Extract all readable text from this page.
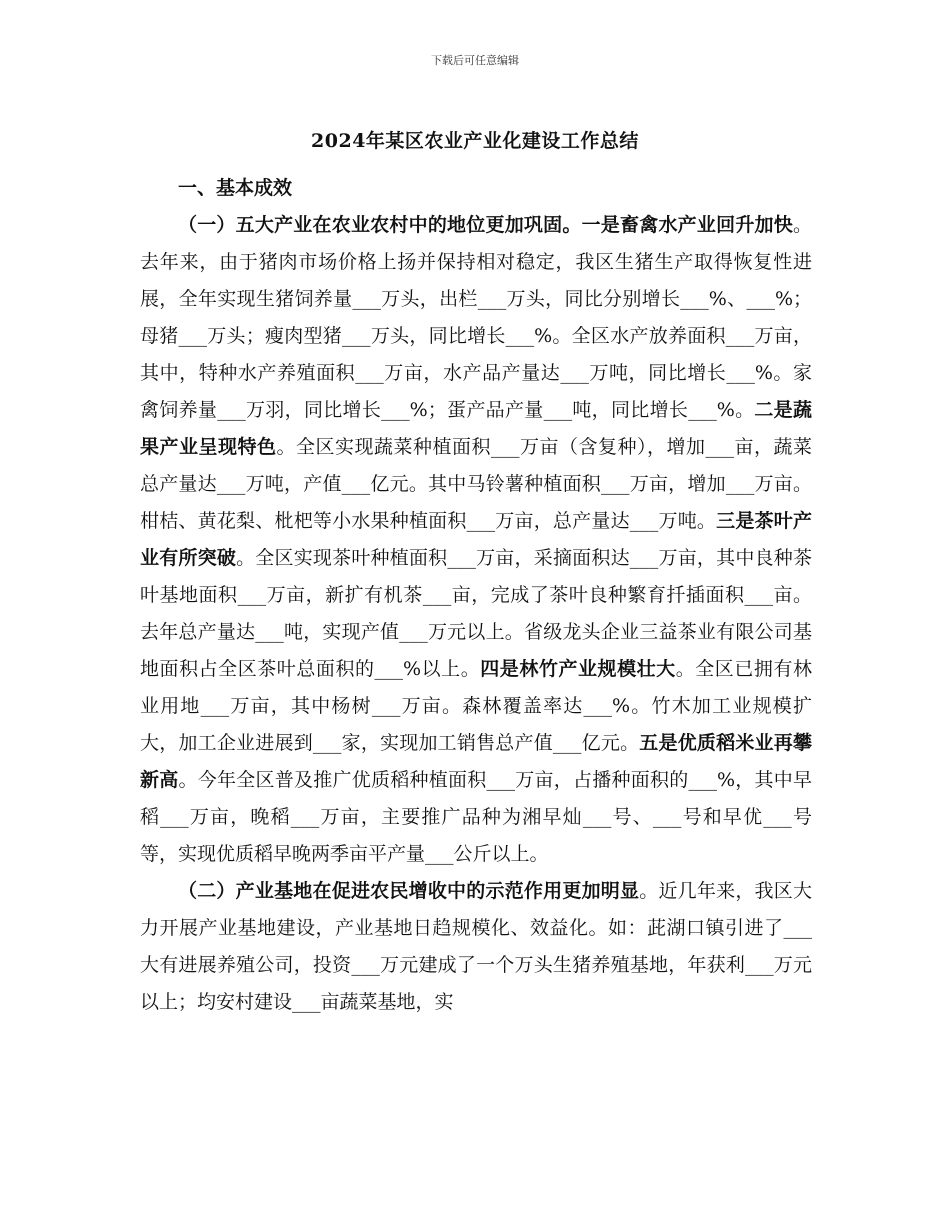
下载后可任意编辑
2024年某区农业产业化建设工作总结

一、基本成效

（一）五大产业在农业农村中的地位更加巩固。一是畜禽水产业回升加快。去年来，由于猪肉市场价格上扬并保持相对稳定，我区生猪生产取得恢复性进展，全年实现生猪饲养量___万头，出栏___万头，同比分别增长___%、___%；母猪___万头；瘦肉型猪___万头，同比增长___%。全区水产放养面积___万亩，其中，特种水产养殖面积___万亩，水产品产量达___万吨，同比增长___%。家禽饲养量___万羽，同比增长___%；蛋产品产量___吨，同比增长___%。二是蔬果产业呈现特色。全区实现蔬菜种植面积___万亩（含复种），增加___亩，蔬菜总产量达___万吨，产值___亿元。其中马铃薯种植面积___万亩，增加___万亩。柑桔、黄花梨、枇杷等小水果种植面积___万亩，总产量达___万吨。三是茶叶产业有所突破。全区实现茶叶种植面积___万亩，采摘面积达___万亩，其中良种茶叶基地面积___万亩，新扩有机茶___亩，完成了茶叶良种繁育扦插面积___亩。去年总产量达___吨，实现产值___万元以上。省级龙头企业三益茶业有限公司基地面积占全区茶叶总面积的___%以上。四是林竹产业规模壮大。全区已拥有林业用地___万亩，其中杨树___万亩。森林覆盖率达___%。竹木加工业规模扩大，加工企业进展到___家，实现加工销售总产值___亿元。五是优质稻米业再攀新高。今年全区普及推广优质稻种植面积___万亩，占播种面积的___%，其中早稻___万亩，晚稻___万亩，主要推广品种为湘早灿___号、___号和早优___号等，实现优质稻早晚两季亩平产量___公斤以上。

（二）产业基地在促进农民增收中的示范作用更加明显。近几年来，我区大力开展产业基地建设，产业基地日趋规模化、效益化。如：茈湖口镇引进了___大有进展养殖公司，投资___万元建成了一个万头生猪养殖基地，年获利___万元以上；均安村建设___亩蔬菜基地，实
